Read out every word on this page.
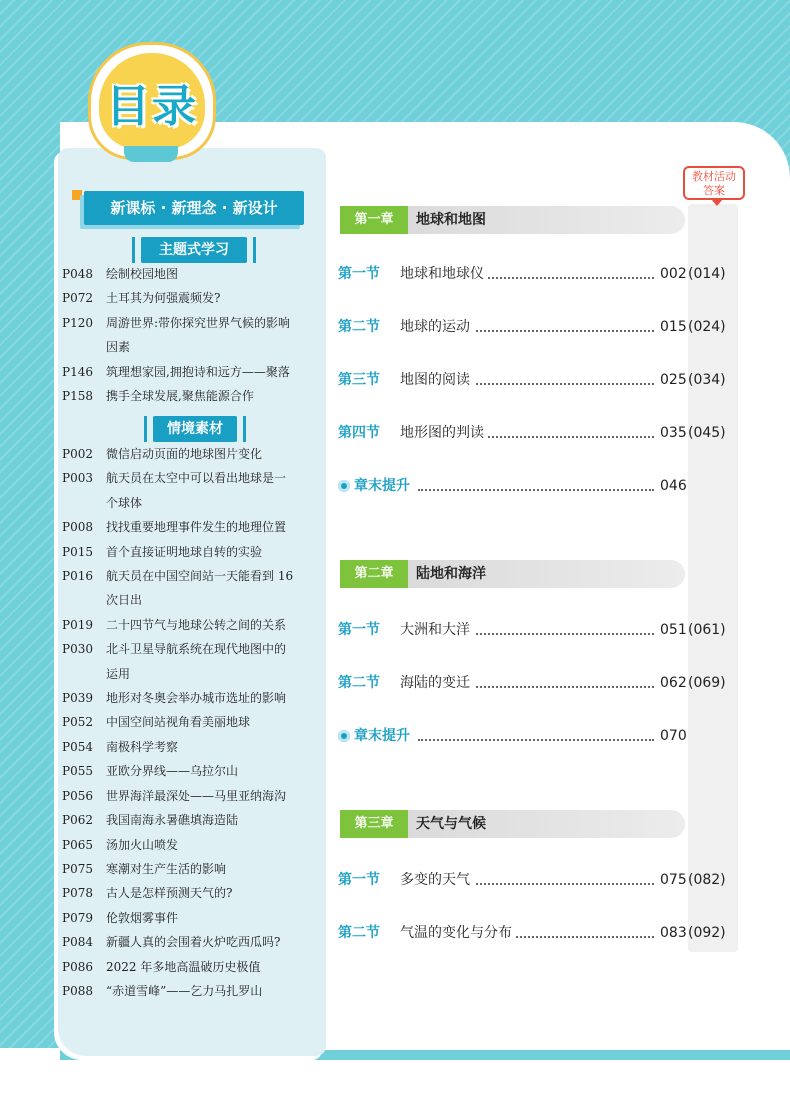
目录
新课标 · 新理念 · 新设计
主题式学习
P048 绘制校园地图
P072 土耳其为何强震频发?
P120 周游世界:带你探究世界气候的影响
因素
P146 筑理想家园,拥抱诗和远方——聚落
P158 携手全球发展,聚焦能源合作
情境素材
P002 微信启动页面的地球图片变化
P003 航天员在太空中可以看出地球是一
个球体
P008 找找重要地理事件发生的地理位置
P015 首个直接证明地球自转的实验
P016 航天员在中国空间站一天能看到 16
次日出
P019 二十四节气与地球公转之间的关系
P030 北斗卫星导航系统在现代地图中的
运用
P039 地形对冬奥会举办城市选址的影响
P052 中国空间站视角看美丽地球
P054 南极科学考察
P055 亚欧分界线——乌拉尔山
P056 世界海洋最深处——马里亚纳海沟
P062 我国南海永暑礁填海造陆
P065 汤加火山喷发
P075 寒潮对生产生活的影响
P078 古人是怎样预测天气的?
P079 伦敦烟雾事件
P084 新疆人真的会围着火炉吃西瓜吗?
P086 2022 年多地高温破历史极值
P088 “赤道雪峰”——乞力马扎罗山
教材活动
答案
第一章	地球和地图
第一节 地球和地球仪	002 (014)
第二节 地球的运动	015 (024)
第三节 地图的阅读	025 (034)
第四节 地形图的判读	035 (045)
章末提升	046
第二章	陆地和海洋
第一节 大洲和大洋	051 (061)
第二节 海陆的变迁	062 (069)
章末提升	070
第三章	天气与气候
第一节 多变的天气	075 (082)
第二节 气温的变化与分布	083 (092)
